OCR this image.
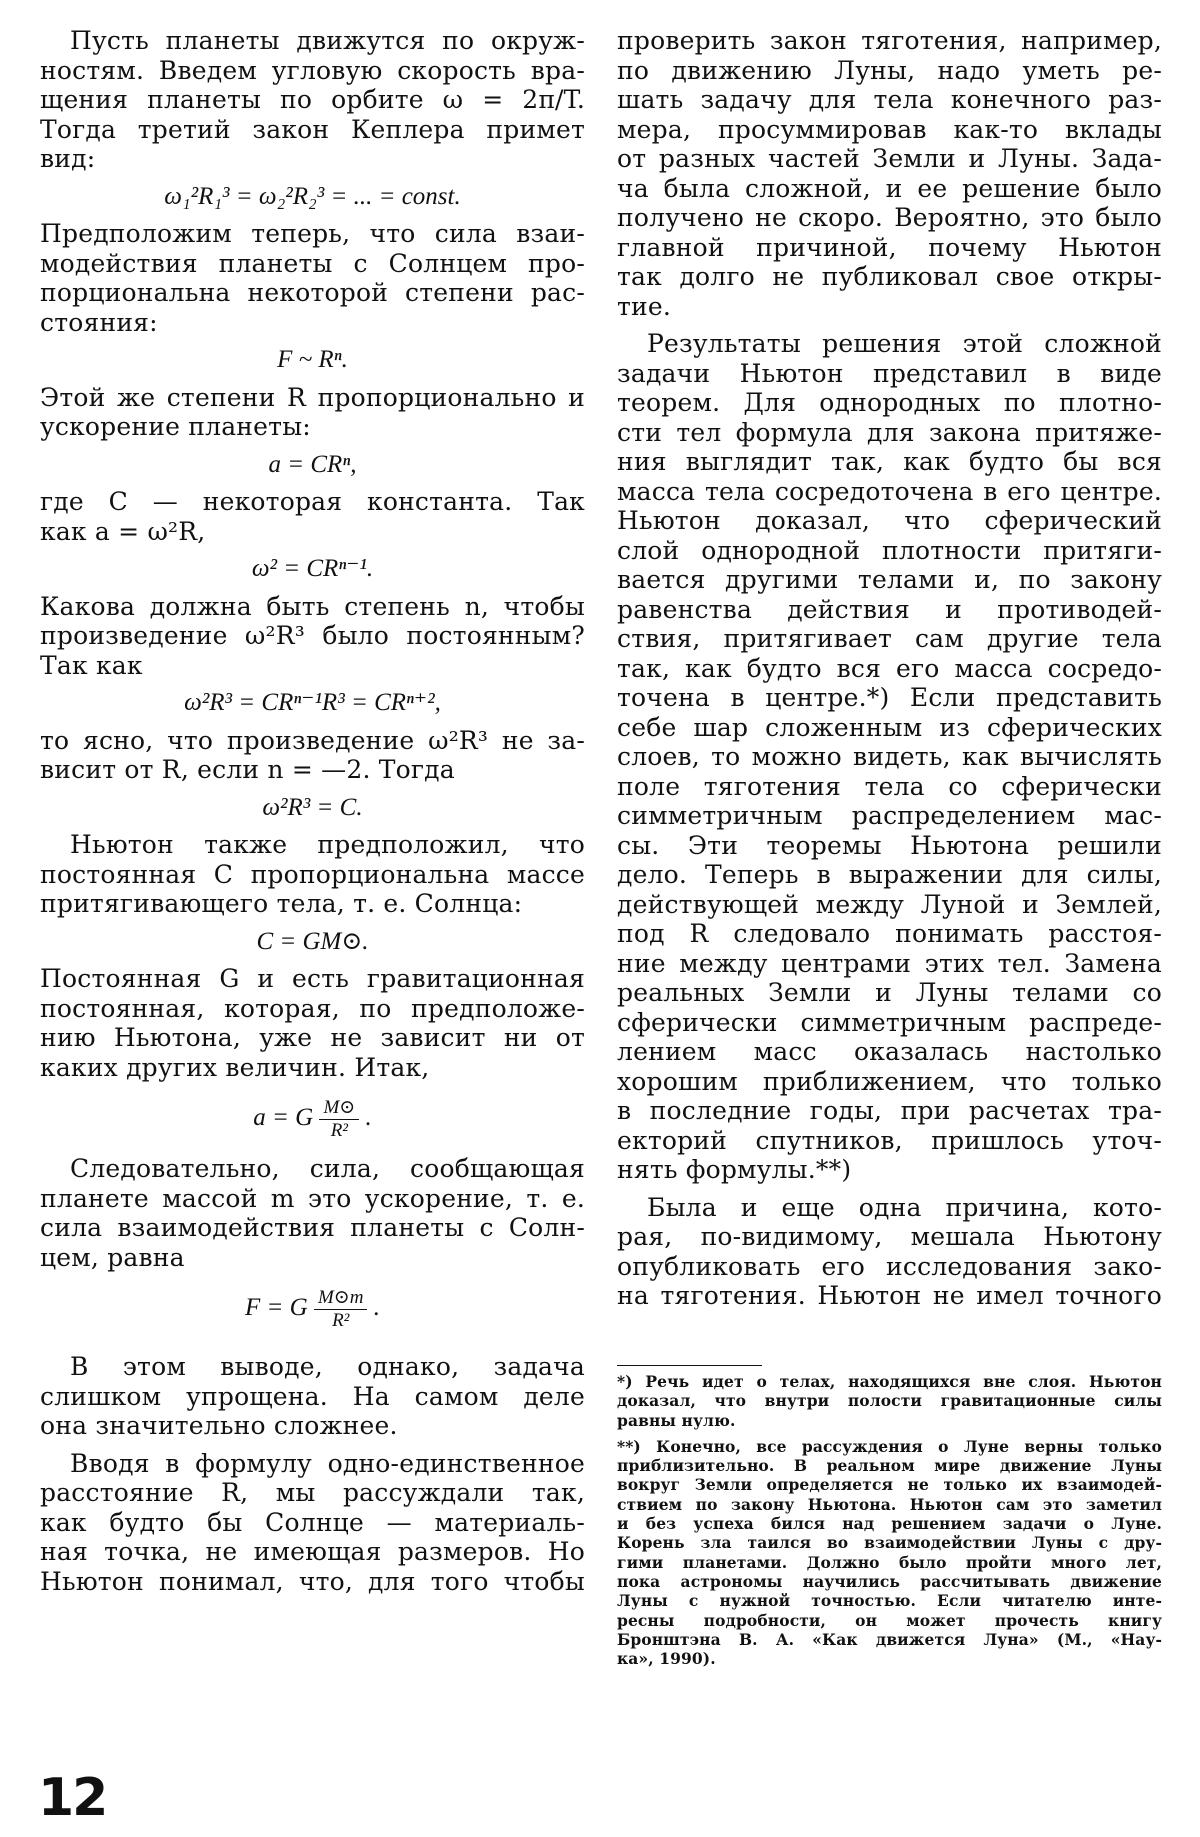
Пусть планеты движутся по окруж-
ностям. Введем угловую скорость вра-
щения планеты по орбите ω = 2π/T.
Тогда третий закон Кеплера примет
вид:
ω₁²R₁³ = ω₂²R₂³ = ... = const.
Предположим теперь, что сила взаи-
модействия планеты с Солнцем про-
порциональна некоторой степени рас-
стояния:
F ~ Rⁿ.
Этой же степени R пропорционально и
ускорение планеты:
a = CRⁿ,
где C — некоторая константа. Так
как a = ω²R,
ω² = CRⁿ⁻¹.
Какова должна быть степень n, чтобы
произведение ω²R³ было постоянным?
Так как
ω²R³ = CRⁿ⁻¹R³ = CRⁿ⁺²,
то ясно, что произведение ω²R³ не за-
висит от R, если n = —2. Тогда
ω²R³ = C.
Ньютон также предположил, что
постоянная C пропорциональна массе
притягивающего тела, т. е. Солнца:
C = GM⊙.
Постоянная G и есть гравитационная
постоянная, которая, по предположе-
нию Ньютона, уже не зависит ни от
каких других величин. Итак,
a = G $\frac{M⊙}{\text{R²}}$ .
Следовательно, сила, сообщающая
планете массой m это ускорение, т. е.
сила взаимодействия планеты с Солн-
цем, равна
F = G $\frac{M⊙m}{\text{R²}}$ .
В этом выводе, однако, задача
слишком упрощена. На самом деле
она значительно сложнее.
Вводя в формулу одно-единственное
расстояние R, мы рассуждали так,
как будто бы Солнце — материаль-
ная точка, не имеющая размеров. Но
Ньютон понимал, что, для того чтобы
проверить закон тяготения, например,
по движению Луны, надо уметь ре-
шать задачу для тела конечного раз-
мера, просуммировав как-то вклады
от разных частей Земли и Луны. Зада-
ча была сложной, и ее решение было
получено не скоро. Вероятно, это было
главной причиной, почему Ньютон
так долго не публиковал свое откры-
тие.
Результаты решения этой сложной
задачи Ньютон представил в виде
теорем. Для однородных по плотно-
сти тел формула для закона притяже-
ния выглядит так, как будто бы вся
масса тела сосредоточена в его центре.
Ньютон доказал, что сферический
слой однородной плотности притяги-
вается другими телами и, по закону
равенства действия и противодей-
ствия, притягивает сам другие тела
так, как будто вся его масса сосредо-
точена в центре.*) Если представить
себе шар сложенным из сферических
слоев, то можно видеть, как вычислять
поле тяготения тела со сферически
симметричным распределением мас-
сы. Эти теоремы Ньютона решили
дело. Теперь в выражении для силы,
действующей между Луной и Землей,
под R следовало понимать расстоя-
ние между центрами этих тел. Замена
реальных Земли и Луны телами со
сферически симметричным распреде-
лением масс оказалась настолько
хорошим приближением, что только
в последние годы, при расчетах тра-
екторий спутников, пришлось уточ-
нять формулы.**)
Была и еще одна причина, кото-
рая, по-видимому, мешала Ньютону
опубликовать его исследования зако-
на тяготения. Ньютон не имел точного
*) Речь идет о телах, находящихся вне слоя. Ньютон
доказал, что внутри полости гравитационные силы
равны нулю.
**) Конечно, все рассуждения о Луне верны только
приблизительно. В реальном мире движение Луны
вокруг Земли определяется не только их взаимодей-
ствием по закону Ньютона. Ньютон сам это заметил
и без успеха бился над решением задачи о Луне.
Корень зла таился во взаимодействии Луны с дру-
гими планетами. Должно было пройти много лет,
пока астрономы научились рассчитывать движение
Луны с нужной точностью. Если читателю инте-
ресны подробности, он может прочесть книгу
Бронштэна В. А. «Как движется Луна» (М., «Нау-
ка», 1990).
12
